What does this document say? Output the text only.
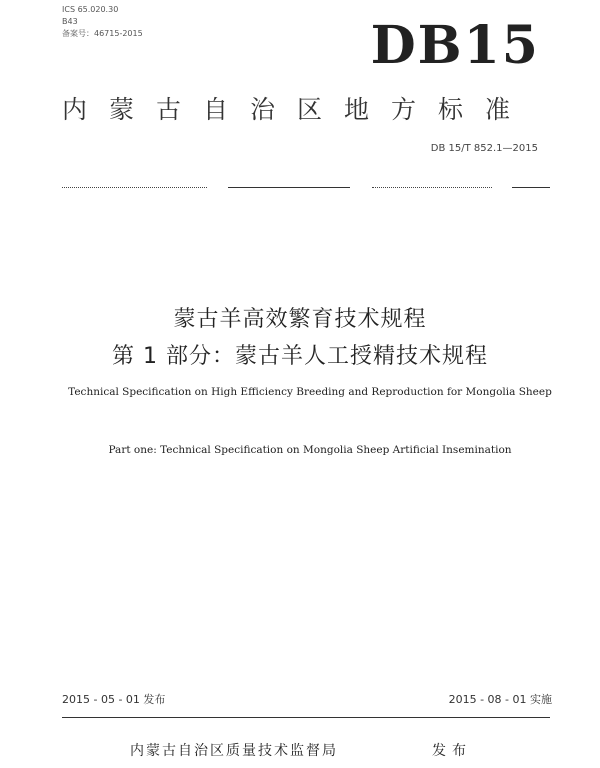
ICS 65.020.30
B43
备案号：46715-2015	DB15
内蒙古自治区地方标准
DB 15/T 852.1—2015
蒙古羊高效繁育技术规程
第 1 部分：蒙古羊人工授精技术规程
Technical Specification on High Efficiency Breeding and Reproduction for Mongolia Sheep
Part one: Technical Specification on Mongolia Sheep Artificial Insemination
2015 - 05 - 01 发布	2015 - 08 - 01 实施
内蒙古自治区质量技术监督局	发布
